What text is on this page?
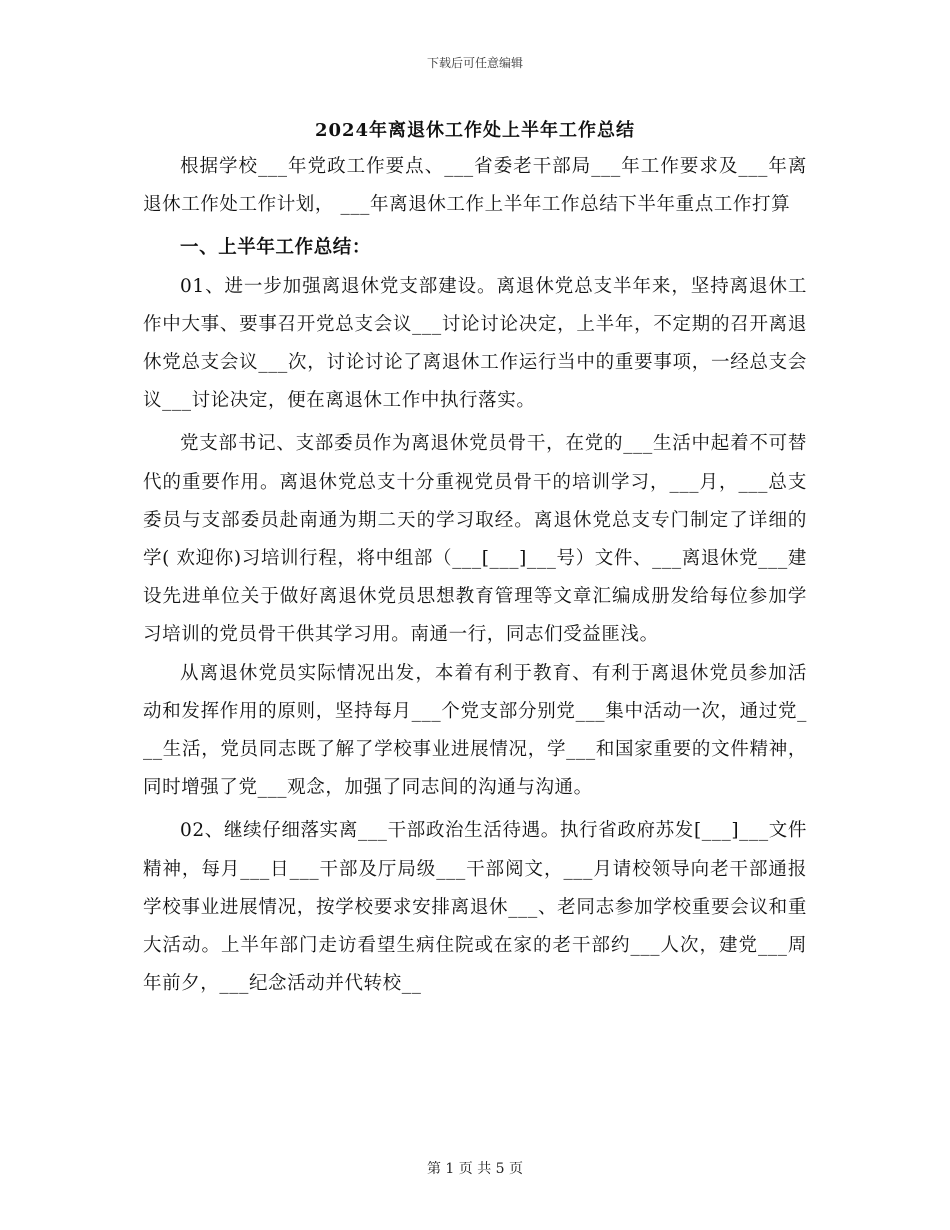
下载后可任意编辑
2024年离退休工作处上半年工作总结

根据学校___年党政工作要点、___省委老干部局___年工作要求及___年离退休工作处工作计划， ___年离退休工作上半年工作总结下半年重点工作打算

一、上半年工作总结：

01、进一步加强离退休党支部建设。离退休党总支半年来，坚持离退休工作中大事、要事召开党总支会议___讨论讨论决定，上半年，不定期的召开离退休党总支会议___次，讨论讨论了离退休工作运行当中的重要事项，一经总支会议___讨论决定，便在离退休工作中执行落实。

党支部书记、支部委员作为离退休党员骨干，在党的___生活中起着不可替代的重要作用。离退休党总支十分重视党员骨干的培训学习，___月，___总支委员与支部委员赴南通为期二天的学习取经。离退休党总支专门制定了详细的学( 欢迎你)习培训行程，将中组部（___[___]___号）文件、___离退休党___建设先进单位关于做好离退休党员思想教育管理等文章汇编成册发给每位参加学习培训的党员骨干供其学习用。南通一行，同志们受益匪浅。

从离退休党员实际情况出发，本着有利于教育、有利于离退休党员参加活动和发挥作用的原则，坚持每月___个党支部分别党___集中活动一次，通过党___生活，党员同志既了解了学校事业进展情况，学___和国家重要的文件精神，同时增强了党___观念，加强了同志间的沟通与沟通。

02、继续仔细落实离___干部政治生活待遇。执行省政府苏发[___]___文件精神，每月___日___干部及厅局级___干部阅文，___月请校领导向老干部通报学校事业进展情况，按学校要求安排离退休___、老同志参加学校重要会议和重大活动。上半年部门走访看望生病住院或在家的老干部约___人次，建党___周年前夕，___纪念活动并代转校__

第 1 页 共 5 页
